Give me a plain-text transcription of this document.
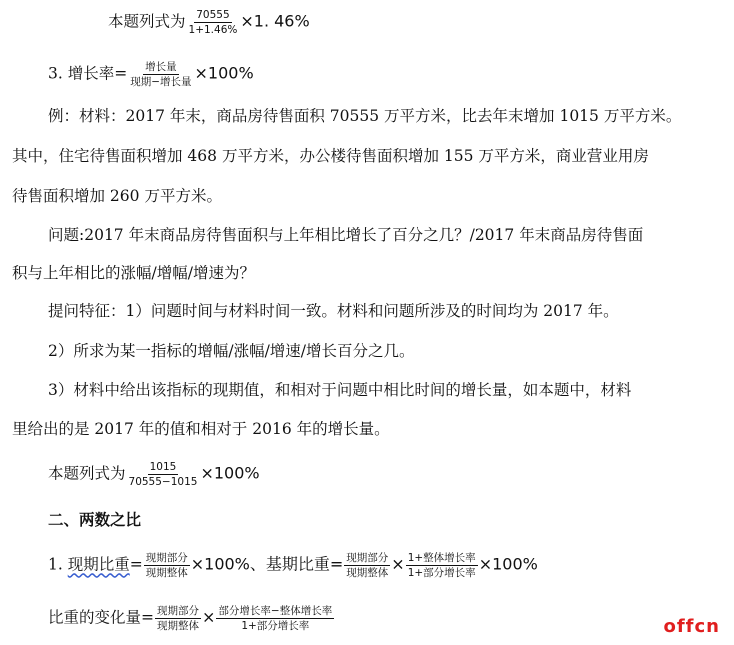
本题列式为 $\frac{70555}{1+1.46\%} \times 1$. 46%
3. 增长率= $\frac{\text{增长量}}{\text{现期−增长量}} \times 100\%$
例：材料：2017 年末，商品房待售面积 70555 万平方米，比去年末增加 1015 万平方米。
其中，住宅待售面积增加 468 万平方米，办公楼待售面积增加 155 万平方米，商业营业用房
待售面积增加 260 万平方米。
问题:2017 年末商品房待售面积与上年相比增长了百分之几？/2017 年末商品房待售面
积与上年相比的涨幅/增幅/增速为？
提问特征：1）问题时间与材料时间一致。材料和问题所涉及的时间均为 2017 年。
2）所求为某一指标的增幅/涨幅/增速/增长百分之几。
3）材料中给出该指标的现期值，和相对于问题中相比时间的增长量，如本题中，材料
里给出的是 2017 年的值和相对于 2016 年的增长量。
本题列式为 $\frac{1015}{70555-1015} \times 100\%$
二、两数之比
1. 现期比重= $\frac{\text{现期部分}}{\text{现期整体}} \times 100\%$、基期比重= $\frac{\text{现期部分}}{\text{现期整体}} \times \frac{\text{1+整体增长率}}{\text{1+部分增长率}} \times 100\%$
比重的变化量= $\frac{\text{现期部分}}{\text{现期整体}} \times \frac{\text{部分增长率−整体增长率}}{\text{1+部分增长率}}$	offcn
